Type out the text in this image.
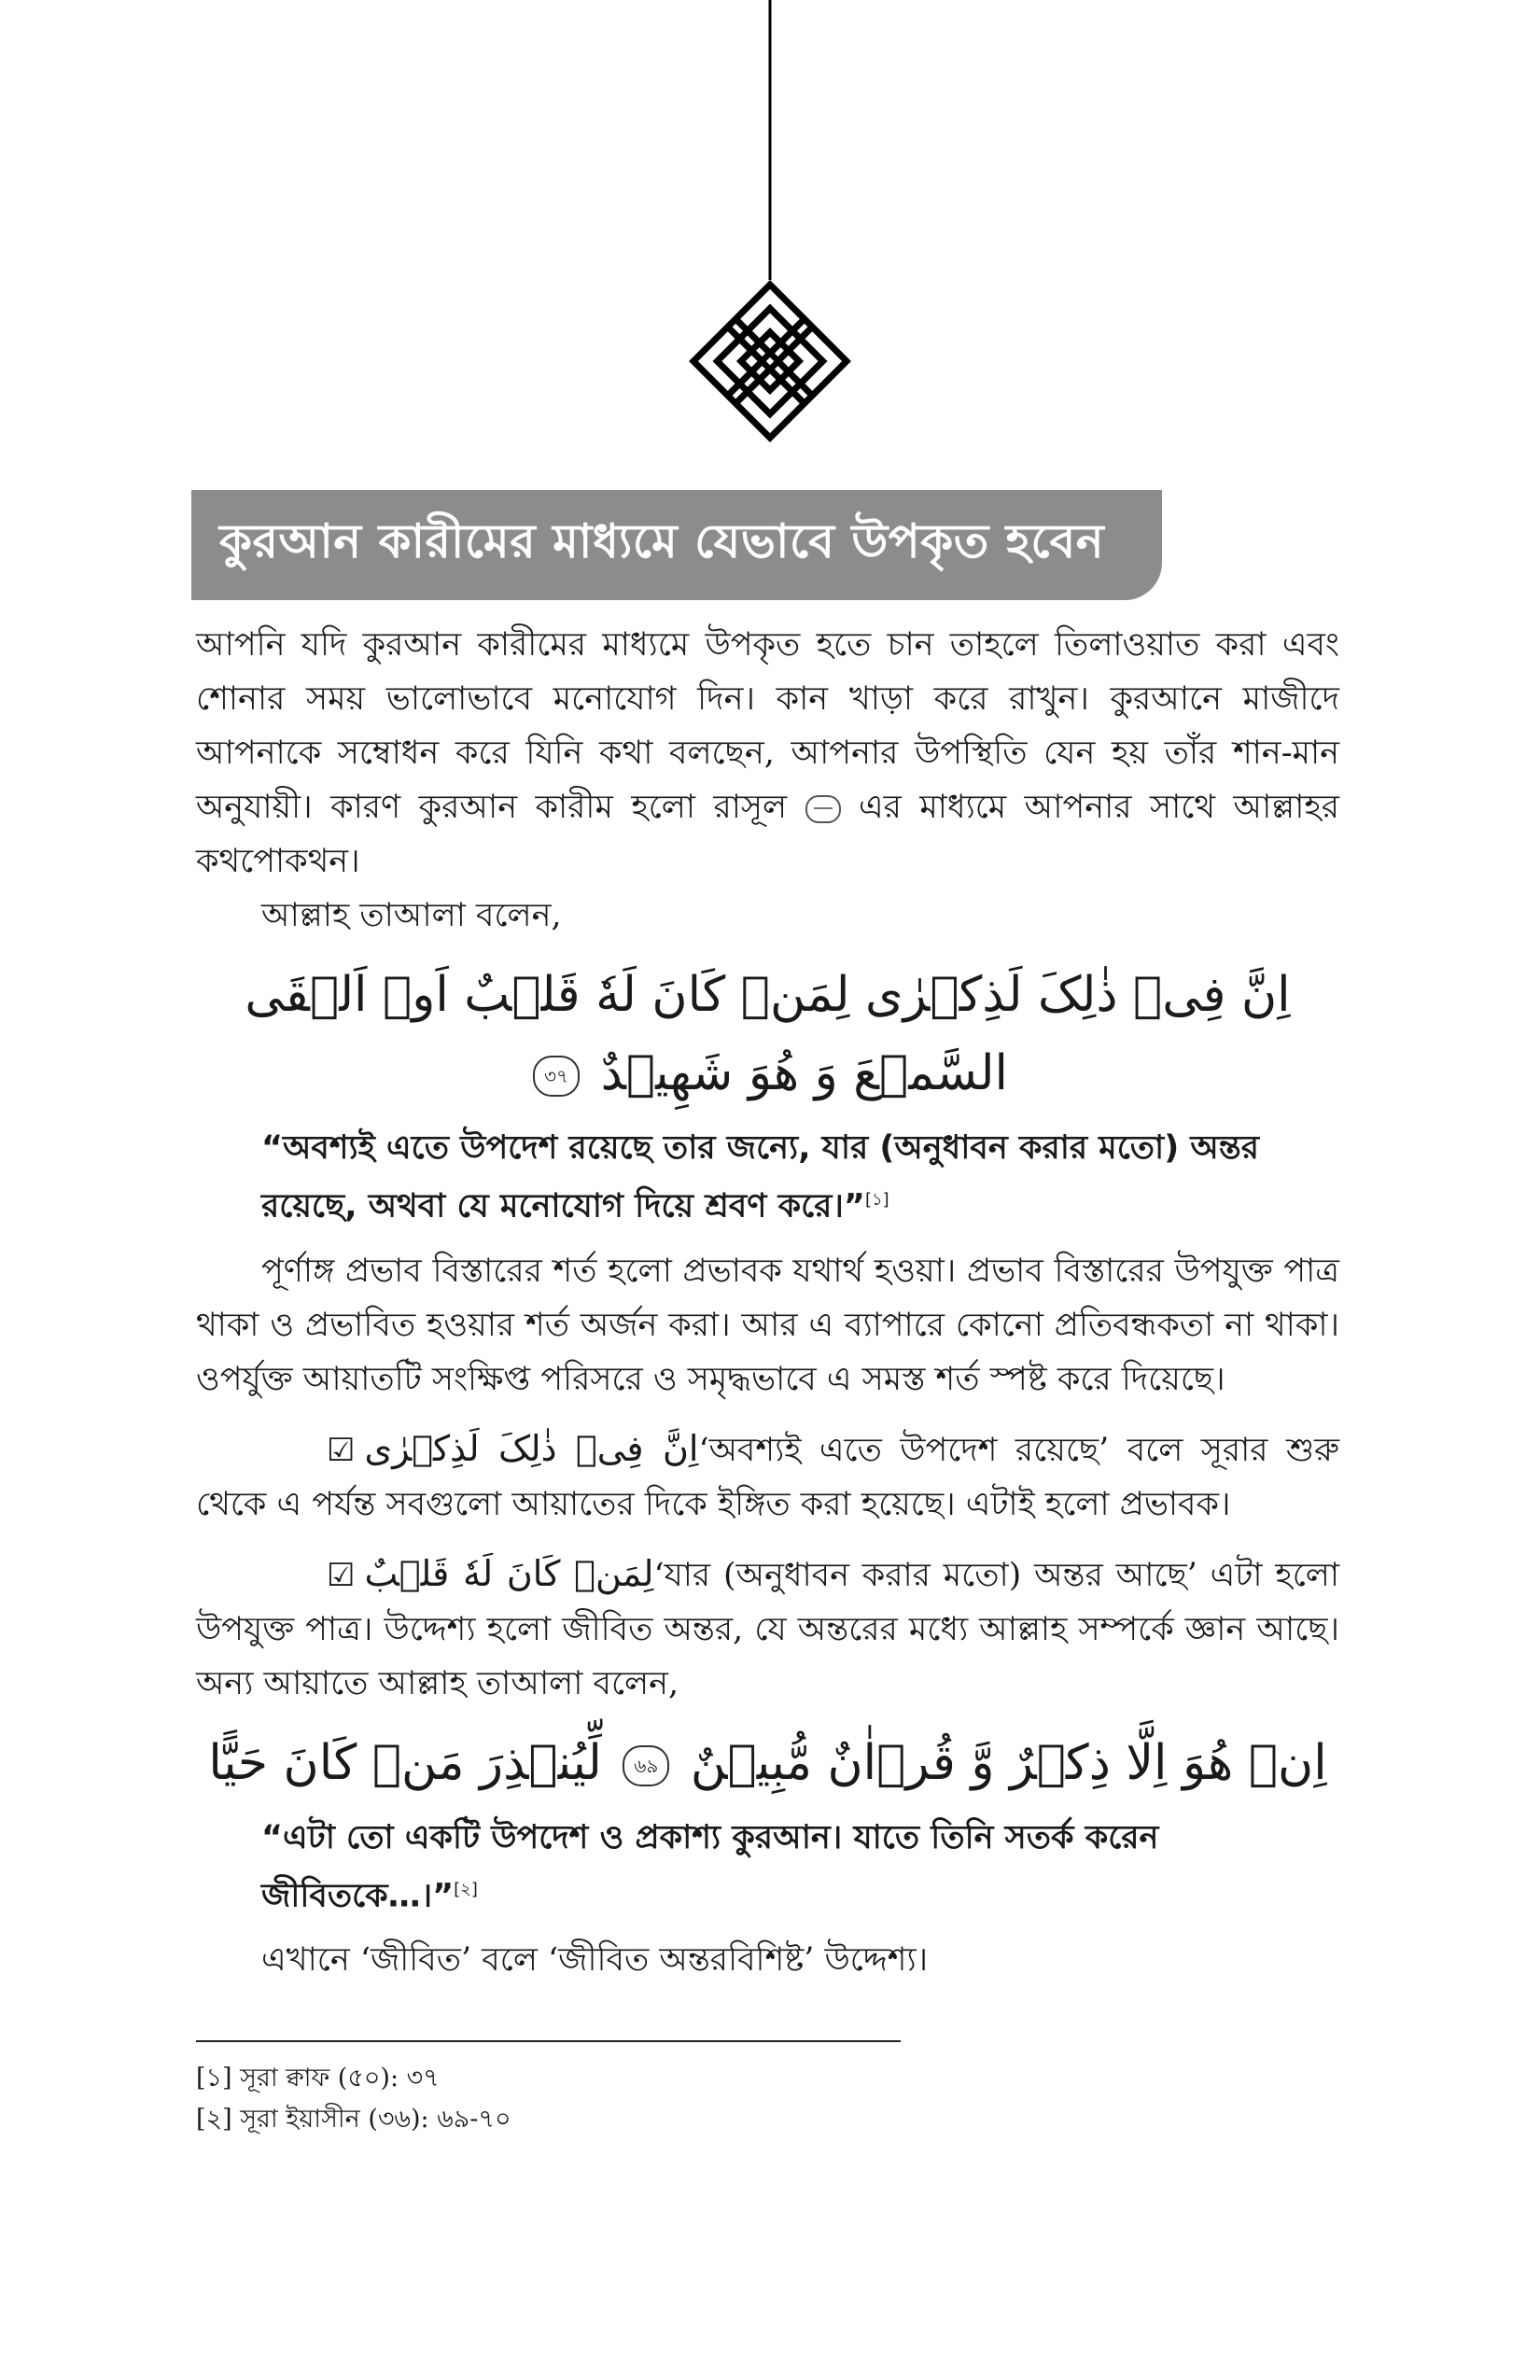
কুরআন কারীমের মাধ্যমে যেভাবে উপকৃত হবেন

আপনি যদি কুরআন কারীমের মাধ্যমে উপকৃত হতে চান তাহলে তিলাওয়াত করা এবং শোনার সময় ভালোভাবে মনোযোগ দিন। কান খাড়া করে রাখুন। কুরআনে মাজীদে আপনাকে সম্বোধন করে যিনি কথা বলছেন, আপনার উপস্থিতি যেন হয় তাঁর শান-মান অনুযায়ী। কারণ কুরআন কারীম হলো রাসূল এর মাধ্যমে আপনার সাথে আল্লাহর কথপোকথন।

আল্লাহ তাআলা বলেন,

اِنَّ فِیۡ ذٰلِکَ لَذِکۡرٰی لِمَنۡ کَانَ لَهٗ قَلۡبٌ اَوۡ اَلۡقَی السَّمۡعَ وَ هُوَ شَهِیۡدٌ ৩৭
“অবশ্যই এতে উপদেশ রয়েছে তার জন্যে, যার (অনুধাবন করার মতো) অন্তর রয়েছে, অথবা যে মনোযোগ দিয়ে শ্রবণ করে।”[১]

পূর্ণাঙ্গ প্রভাব বিস্তারের শর্ত হলো প্রভাবক যথার্থ হওয়া। প্রভাব বিস্তারের উপযুক্ত পাত্র থাকা ও প্রভাবিত হওয়ার শর্ত অর্জন করা। আর এ ব্যাপারে কোনো প্রতিবন্ধকতা না থাকা। ওপর্যুক্ত আয়াতটি সংক্ষিপ্ত পরিসরে ও সমৃদ্ধভাবে এ সমস্ত শর্ত স্পষ্ট করে দিয়েছে।

☑ اِنَّ فِیۡ ذٰلِکَ لَذِکۡرٰی‘অবশ্যই এতে উপদেশ রয়েছে’ বলে সূরার শুরু থেকে এ পর্যন্ত সবগুলো আয়াতের দিকে ইঙ্গিত করা হয়েছে। এটাই হলো প্রভাবক।

☑ لِمَنۡ کَانَ لَهٗ قَلۡبٌ‘যার (অনুধাবন করার মতো) অন্তর আছে’ এটা হলো উপযুক্ত পাত্র। উদ্দেশ্য হলো জীবিত অন্তর, যে অন্তরের মধ্যে আল্লাহ সম্পর্কে জ্ঞান আছে। অন্য আয়াতে আল্লাহ তাআলা বলেন,

اِنۡ هُوَ اِلَّا ذِکۡرٌ وَّ قُرۡاٰنٌ مُّبِیۡنٌ ৬৯ لِّیُنۡذِرَ مَنۡ کَانَ حَیًّا
“এটা তো একটি উপদেশ ও প্রকাশ্য কুরআন। যাতে তিনি সতর্ক করেন জীবিতকে…।”[২]

এখানে ‘জীবিত’ বলে ‘জীবিত অন্তরবিশিষ্ট’ উদ্দেশ্য।

[১] সূরা ক্বাফ (৫০): ৩৭
[২] সূরা ইয়াসীন (৩৬): ৬৯-৭০
